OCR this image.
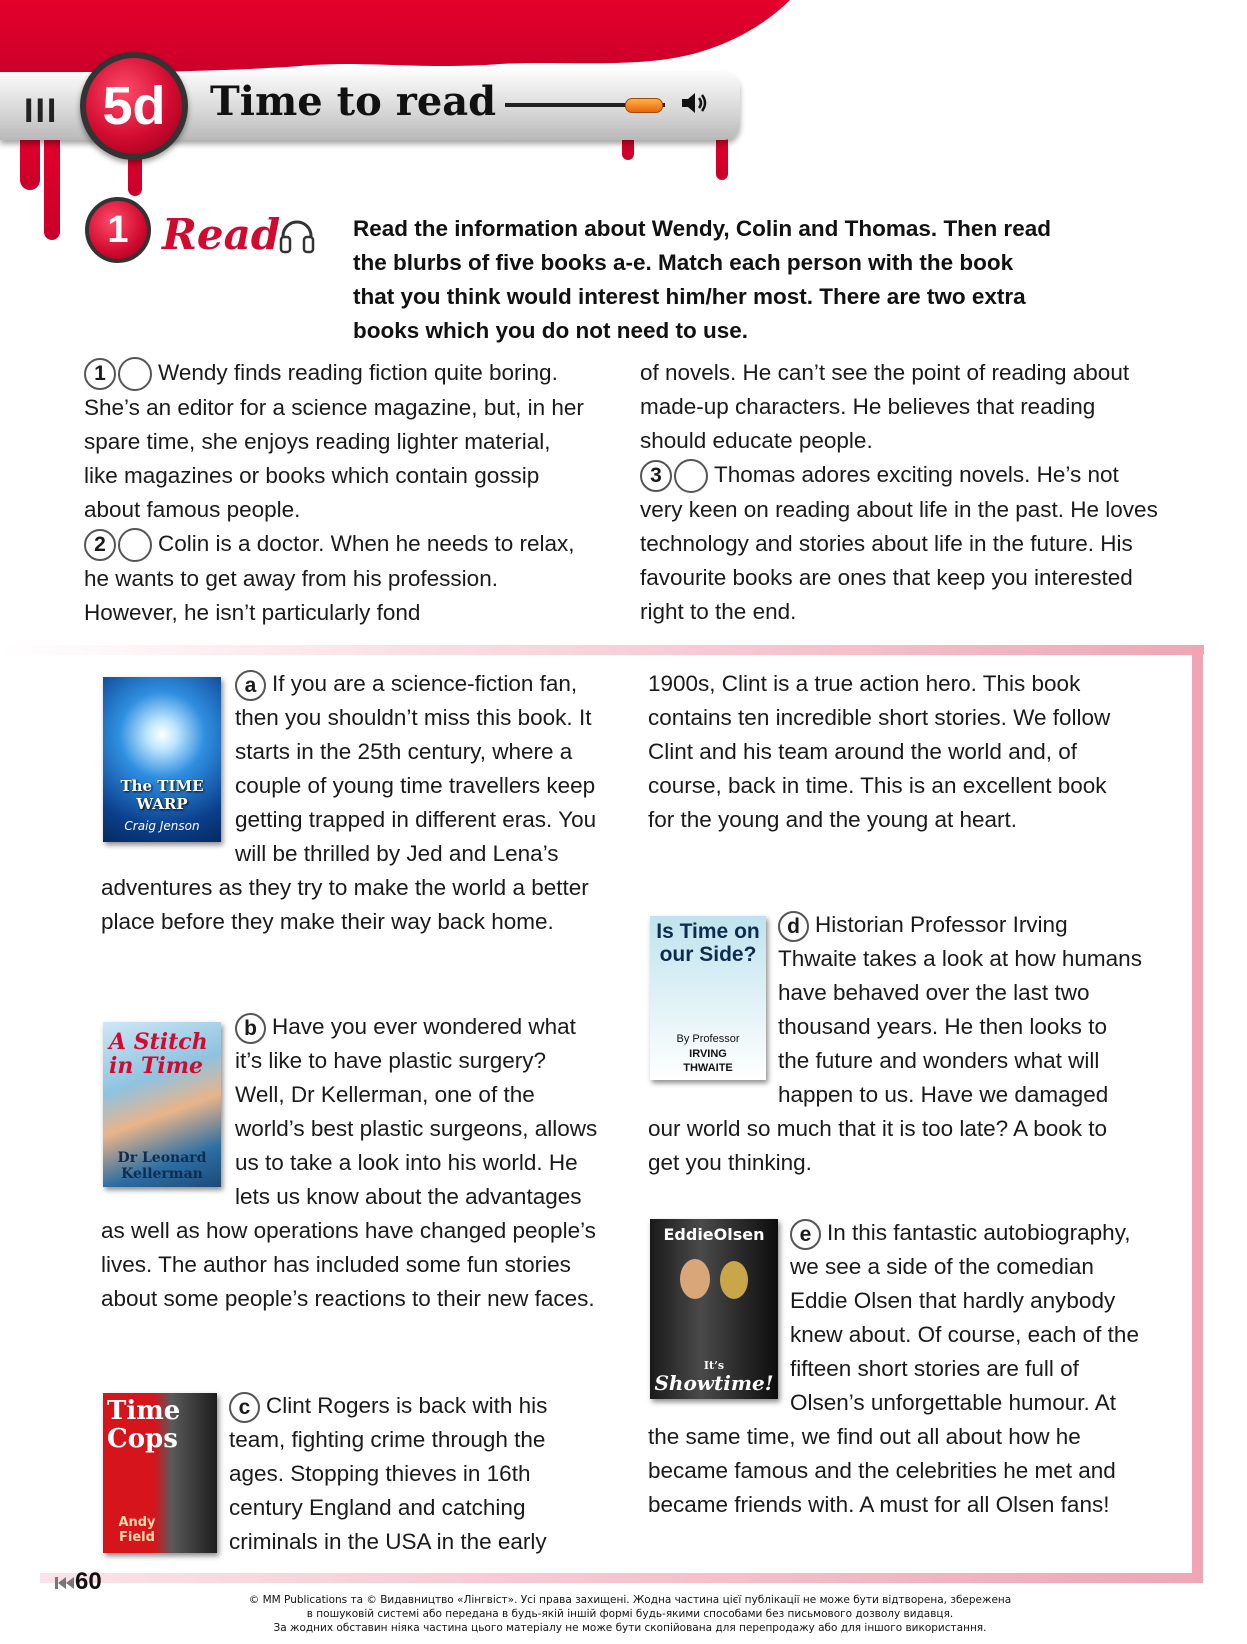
III 5d	Time to read
1 Read	Read the information about Wendy, Colin and Thomas. Then read the blurbs of five books a-e. Match each person with the book that you think would interest him/her most. There are two extra books which you do not need to use.
1 Wendy finds reading fiction quite boring. She’s an editor for a science magazine, but, in her spare time, she enjoys reading lighter material, like magazines or books which contain gossip about famous people.
2 Colin is a doctor. When he needs to relax, he wants to get away from his profession. However, he isn’t particularly fond
of novels. He can’t see the point of reading about made-up characters. He believes that reading should educate people.
3 Thomas adores exciting novels. He’s not very keen on reading about life in the past. He loves technology and stories about life in the future. His favourite books are ones that keep you interested right to the end.
a If you are a science-fiction fan, then you shouldn’t miss this book. It starts in the 25th century, where a couple of young time travellers keep getting trapped in different eras. You will be thrilled by Jed and Lena’s adventures as they try to make the world a better place before they make their way back home.
The TIME WARP
Craig Jenson
b Have you ever wondered what it’s like to have plastic surgery? Well, Dr Kellerman, one of the world’s best plastic surgeons, allows us to take a look into his world. He lets us know about the advantages as well as how operations have changed people’s lives. The author has included some fun stories about some people’s reactions to their new faces.
A Stitch in Time
Dr Leonard Kellerman
c Clint Rogers is back with his team, fighting crime through the ages. Stopping thieves in 16th century England and catching criminals in the USA in the early
Time Cops
Andy Field
1900s, Clint is a true action hero. This book contains ten incredible short stories. We follow Clint and his team around the world and, of course, back in time. This is an excellent book for the young and the young at heart.
d Historian Professor Irving Thwaite takes a look at how humans have behaved over the last two thousand years. He then looks to the future and wonders what will happen to us. Have we damaged our world so much that it is too late? A book to get you thinking.
Is Time on our Side?
By Professor
IRVING THWAITE
e In this fantastic autobiography, we see a side of the comedian Eddie Olsen that hardly anybody knew about. Of course, each of the fifteen short stories are full of Olsen’s unforgettable humour. At the same time, we find out all about how he became famous and the celebrities he met and became friends with. A must for all Olsen fans!
EddieOlsen
It’s
Showtime!
60
© MM Publications та © Видавництво «Лінгвіст». Усі права захищені. Жодна частина цієї публікації не може бути відтворена, збережена
в пошуковій системі або передана в будь-якій іншій формі будь-якими способами без письмового дозволу видавця.
За жодних обставин ніяка частина цього матеріалу не може бути скопійована для перепродажу або для іншого використання.
